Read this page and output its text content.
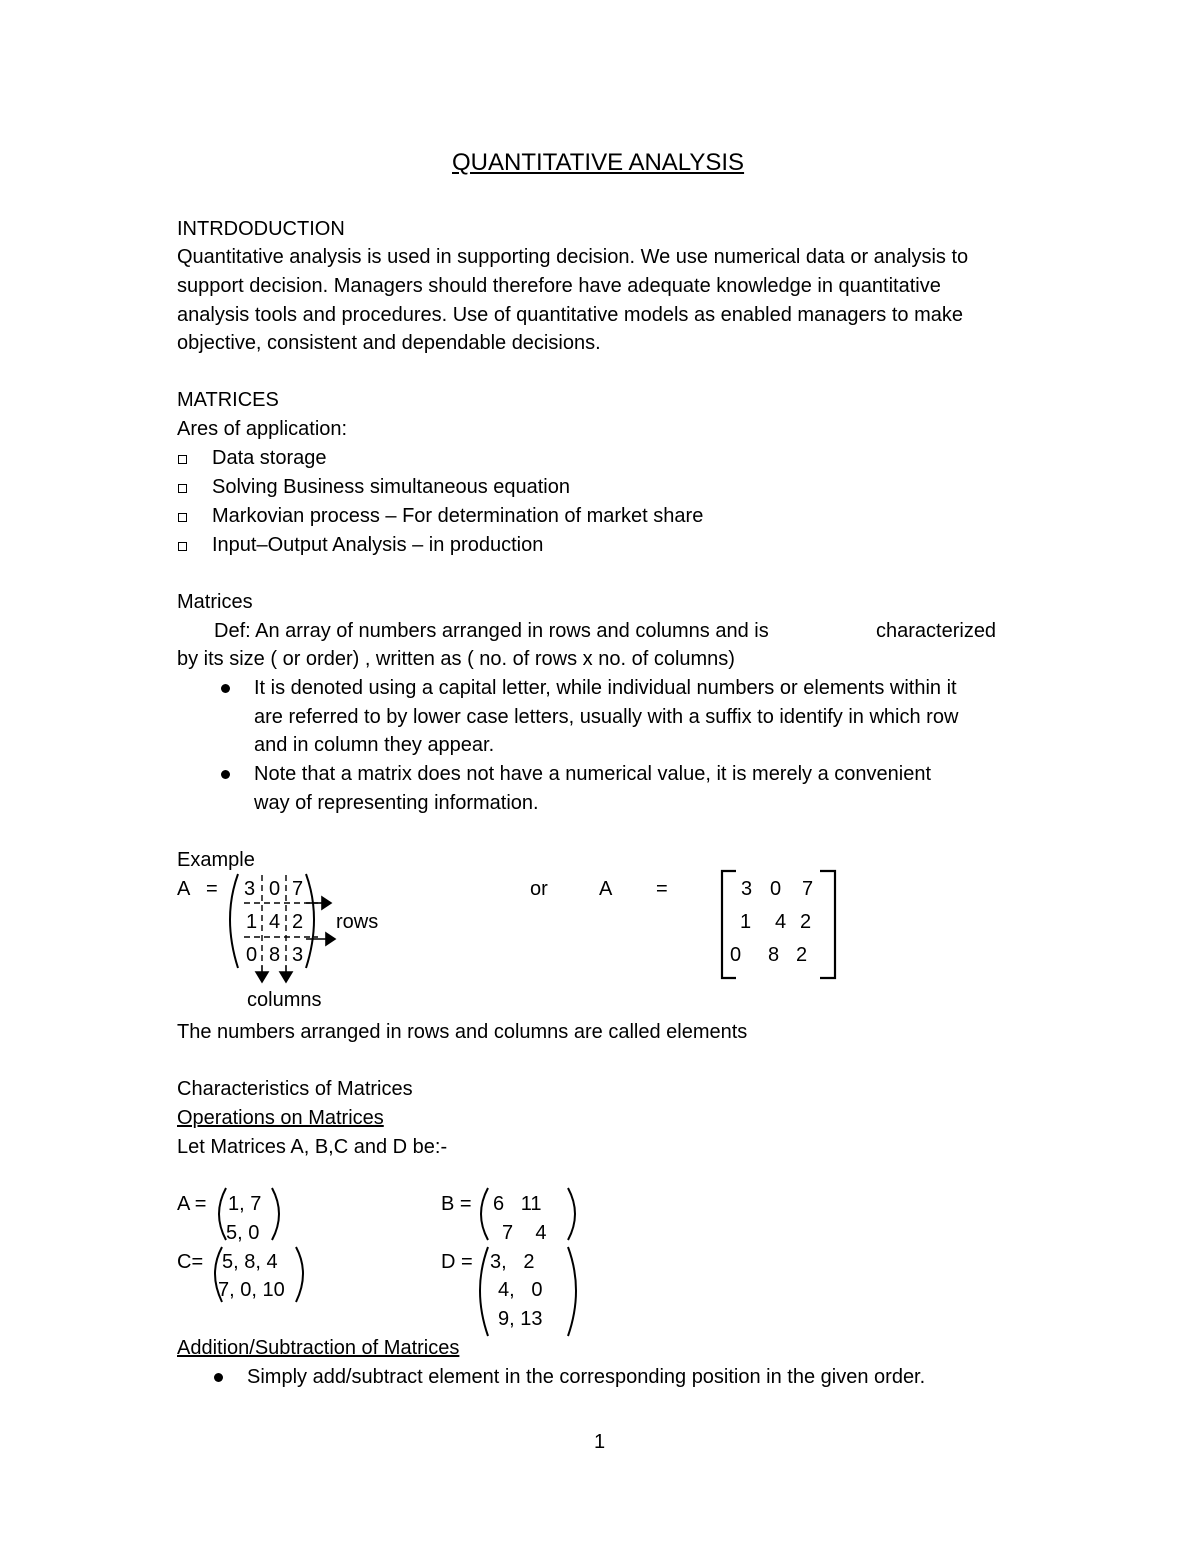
QUANTITATIVE ANALYSIS
INTRDODUCTION
Quantitative analysis is used in supporting decision. We use numerical data or analysis to
support decision. Managers should therefore have adequate knowledge in quantitative
analysis tools and procedures. Use of quantitative models as enabled managers to make
objective, consistent and dependable decisions.
MATRICES
Ares of application:
Data storage
Solving Business simultaneous equation
Markovian process – For determination of market share
Input–Output Analysis – in production
Matrices
Def: An array of numbers arranged in rows and columns and is	characterized
by its size ( or order) , written as ( no. of rows x no. of columns)
It is denoted using a capital letter, while individual numbers or elements within it
are referred to by lower case letters, usually with a suffix to identify in which row
and in column they appear.
Note that a matrix does not have a numerical value, it is merely a convenient
way of representing information.
Example
A = 3 0 7
1 4 2
0 8 3
rows
columns
or	A =	3 0 7
1 4 2
0 8 2
The numbers arranged in rows and columns are called elements
Characteristics of Matrices
Operations on Matrices
Let Matrices A, B,C and D be:-
A = 1, 7
5, 0
B = 6   11
7    4
C= 5, 8, 4
7, 0, 10
D = 3,   2
4,   0
9, 13
Addition/Subtraction of Matrices
Simply add/subtract element in the corresponding position in the given order.
1
